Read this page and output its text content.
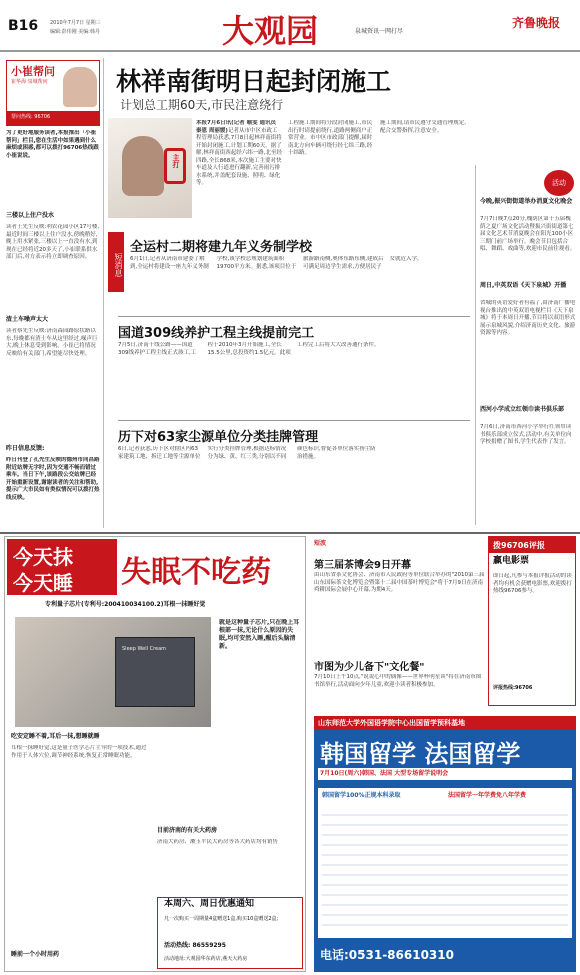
B16 2010年7月7日 星期三
编辑:彭伟刚 美编:韩丹	大观园	泉城资讯一网打尽
齐鲁晚报
小崔帮问
崔华海 泉城帮问
帮问热线: 96706
为了更好地服务读者,本报推出「小崔帮问」栏目,您在生活中如果遇到什么麻烦或困惑,都可以拨打96706热线跟小崔说说。
三楼以上住户没水
读者王先生反映:利农花园小区17号楼,最近时间三楼以上住户没水,傍晚稍好,晚上用水紧张,三楼以上一直没有水,到现在已经将近20多天了,小崔联系供水部门后,对方表示将立即调查原因。
渣土车噪声太大
读者蔡先生反映:济南森园路原状路以东,每晚都有渣土车从这里经过,噪声巨大,晚上休息受到影响。小崔已将情况反映给有关部门,希望能尽快处理。
昨日信息反馈:
昨日刊登了孔先生反映的德州市同昌路附近站牌无字时,因为交通不畅而错过乘车。当日下午,该路段公交站牌已经开始重新设置,谢谢读者的关注和帮助,提示广大市民如有类似情况可以拨打热线反映。
林祥南街明日起封闭施工
计划总工期60天,市民注意绕行
主打
本报7月6日讯(记者 喻雯 通讯员 秦恩 周丽媛)记者从市中区市政工程管理局获悉,7月8日起林祥南街将开始封闭施工,计划工期60天。据了解,林祥南街西起经六纬一路,北至经四路,全长868米,本次施工主要对快车道及人行道进行翻新,完善雨污排水系统,并盖配套设施、照明、绿化等。
工程施工期间将分段封闭施工,市民出行时请提前绕行,道路两侧商户正常营业。市中区市政部门提醒,届时南北方向车辆可绕行经七纬三路,经十纬路。
施工期间,请市民遵守交通管理规定,配合交警指挥,注意安全。
活动
今晚,振兴街街道举办消夏文化晚会
7月7日晚7点20分,槐荫区第十五届槐荫之夏广场文化活动暨振兴街街道第七届文化艺术节消夏晚会在阳光100小区三期门前广场举行。晚会节目包括合唱、舞蹈、戏曲等,欢迎市民前往观看。
周日,中英双语《天下泉城》开播
省城的英语爱好者有福了,由济南广播电视台推出的中英双语电视栏目《天下泉城》将于本周日开播,节目将以双语形式展示泉城风貌,介绍济南历史文化、旅游资源等内容。
西河小学成立红领巾读书俱乐部
7月6日,济南市西河小学举行红领巾读书俱乐部成立仪式,活动中,有关单位向学校捐赠了图书,学生代表作了发言。
短消息
全运村二期将建九年义务制学校
6月1日,记者从济南市建委了解到,全运村将建设一座九年义务制学校,该学校总规划建筑面积19700平方米。据悉,该项目位于旅游路南侧,奥体东路东侧,建成后可满足周边学生需求,方便居民子女就近入学。
国道309线养护工程主线提前完工
7月5日,济南干线公路——国道309线养护工程主线正式竣工,工程于2010年3月开始施工,全长15.5公里,总投资约1.5亿元。此项工程完工后将大大改善通行条件。
历下对63家尘源单位分类挂牌管理
6日,记者获悉,历下区对辖区内63家建筑工地、拆迁工地等尘源单位实行分类挂牌管理,根据达标情况分为绿、黄、红三类,分别以不同颜色标识,督促各单位落实扬尘防治措施。
今天抹
今天睡 失眠不吃药
专利量子芯片(专利号:200410034100.2)耳根一抹睡好觉
Sleep Well Cream
就是这种量子芯片,只在晚上耳根部一抹,无论什么原因的失眠,均可安然入睡,醒后头脑清新。
吃安定睡不着,耳后一抹,想睡就睡
耳根一抹睡好觉,这是量子医学芯片主导的一项技术,通过作用于人体穴位,调节神经系统,恢复正常睡眠功能。
睡前一个小时用药
目前济南的有关大药房
济南大药房、漱玉平民大药房等各大药店均有销售
本周六、周日优惠通知
凡一次购买一周期量4盒赠送1盒,购买10盒赠送2盒;
活动热线: 86559295
活动地址:大观园华东药店,燕天大药房
短波
第三届茶博会9日开幕
由山东省茶文化协会、济南市人民政府等单位联合举办的"2010第三届山东国际茶文化博览会暨第十二届中国茶叶博览会"将于7月9日在济南舜耕国际会展中心开幕,为期4天。
市图为少儿备下"文化餐"
7月10日上午10点,"说说心中的偶像——世界杯明星谈"将在济南市图书馆举行,活动面向少年儿童,欢迎小读者积极参加。
拨96706评报
赢电影票
即日起,凡参与本报评报活动的读者均有机会获赠电影票,欢迎拨打热线96706参与。
评报热线:96706
山东师范大学外国语学院中心出国留学预科基地
韩国留学 法国留学
7月10日(周六)韩国、法国 大型专场留学说明会
韩国留学100%正规本科录取	法国留学一年学费免八年学费
电话:0531-86610310
